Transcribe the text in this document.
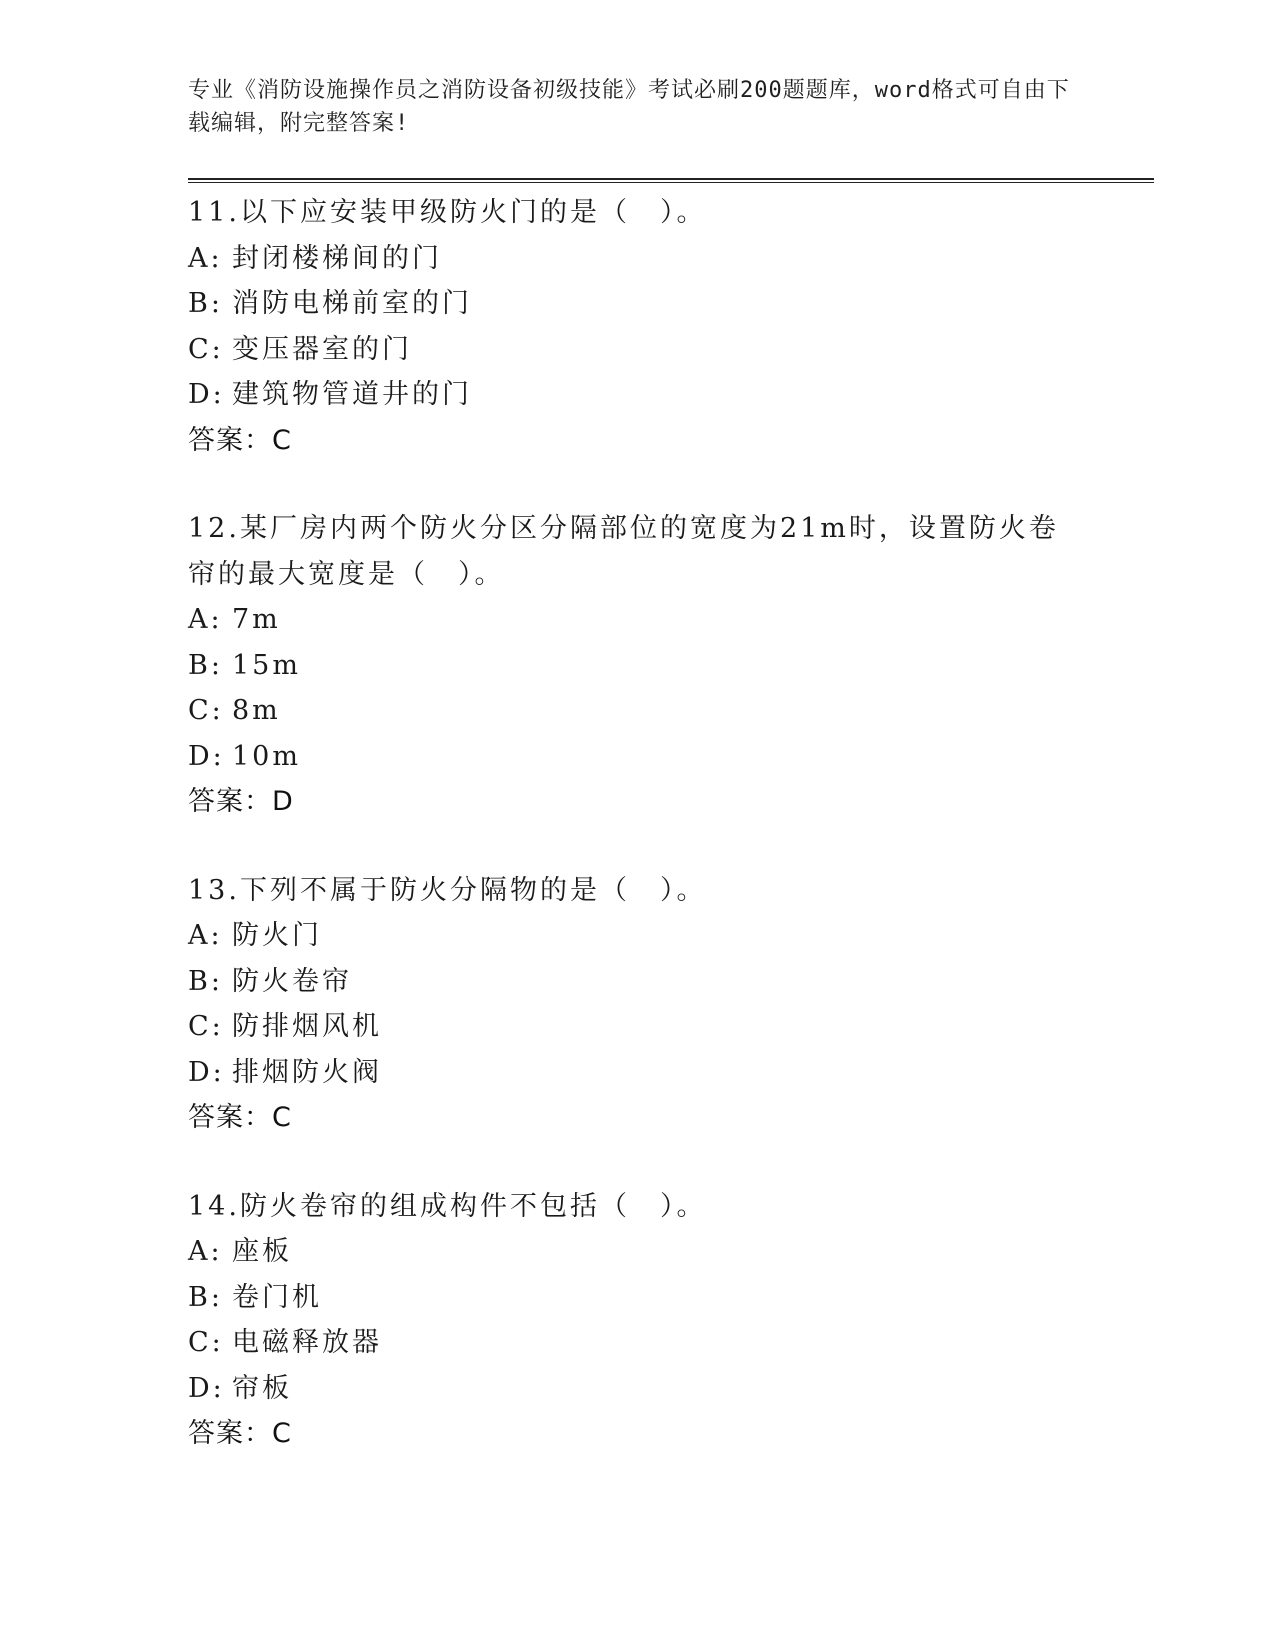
专业《消防设施操作员之消防设备初级技能》考试必刷200题题库，word格式可自由下载编辑，附完整答案!
11.以下应安装甲级防火门的是（　）。
A: 封闭楼梯间的门
B: 消防电梯前室的门
C: 变压器室的门
D: 建筑物管道井的门
答案：C
12.某厂房内两个防火分区分隔部位的宽度为21m时，设置防火卷帘的最大宽度是（　）。
A: 7m
B: 15m
C: 8m
D: 10m
答案：D
13.下列不属于防火分隔物的是（　）。
A: 防火门
B: 防火卷帘
C: 防排烟风机
D: 排烟防火阀
答案：C
14.防火卷帘的组成构件不包括（　）。
A: 座板
B: 卷门机
C: 电磁释放器
D: 帘板
答案：C
